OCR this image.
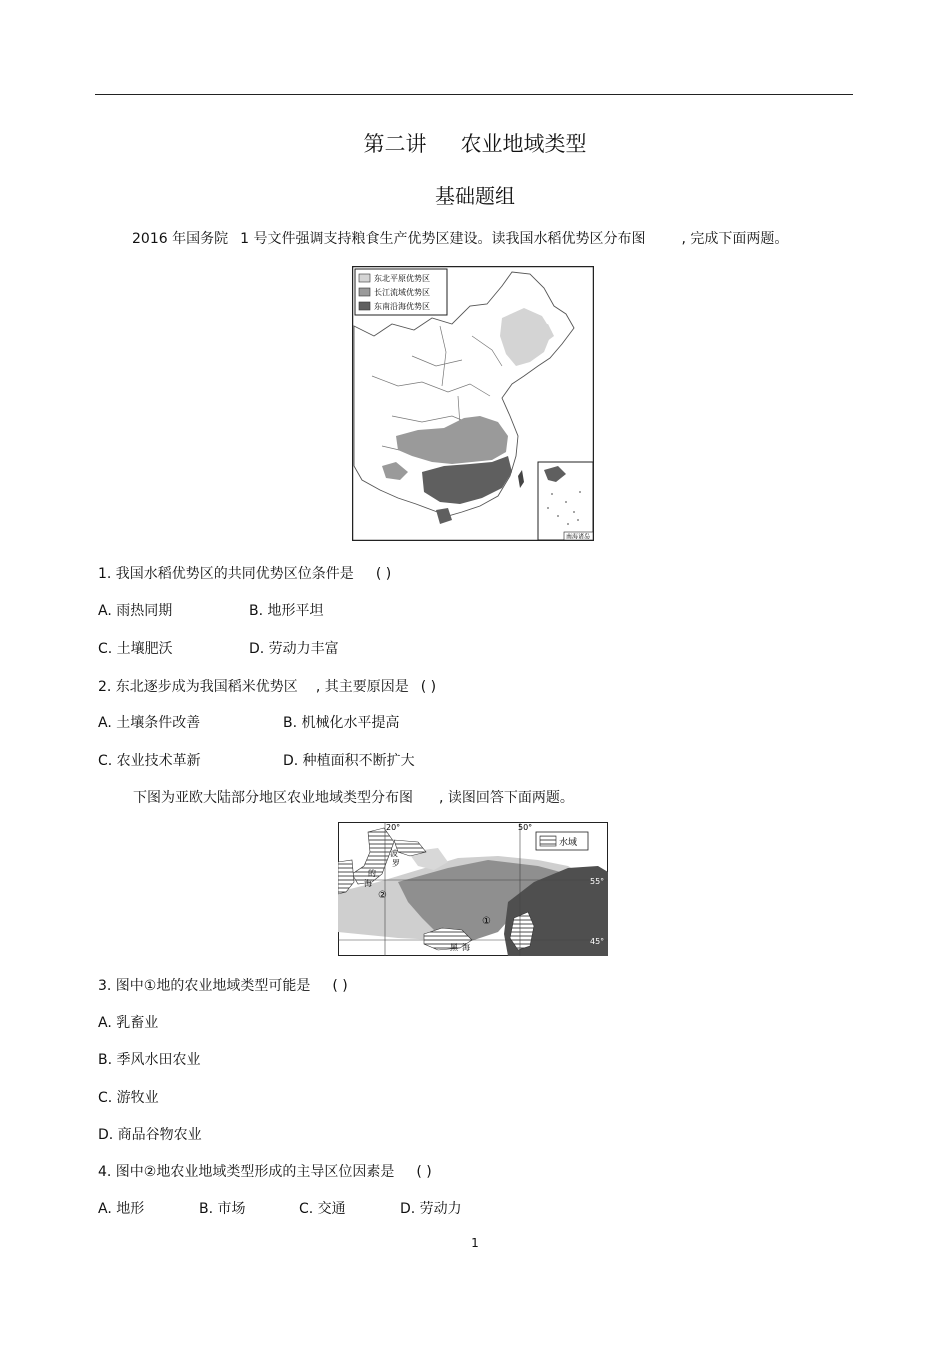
第二讲 农业地域类型
基础题组
2016 年国务院 1 号文件强调支持粮食生产优势区建设。读我国水稻优势区分布图	, 完成下面两题。
东北平原优势区
长江流域优势区
东南沿海优势区
南海诸岛
1. 我国水稻优势区的共同优势区位条件是 ( )
A. 雨热同期	B. 地形平坦
C. 土壤肥沃	D. 劳动力丰富
2. 东北逐步成为我国稻米优势区 , 其主要原因是 ( )
A. 土壤条件改善	B. 机械化水平提高
C. 农业技术革新	D. 种植面积不断扩大
下图为亚欧大陆部分地区农业地域类型分布图 , 读图回答下面两题。
20°	50°
55°
45°
水域
波
罗
的
海
黑 海
①
②
3. 图中①地的农业地域类型可能是 ( )
A. 乳畜业
B. 季风水田农业
C. 游牧业
D. 商品谷物农业
4. 图中②地农业地域类型形成的主导区位因素是 ( )
A. 地形	B. 市场	C. 交通	D. 劳动力
1
